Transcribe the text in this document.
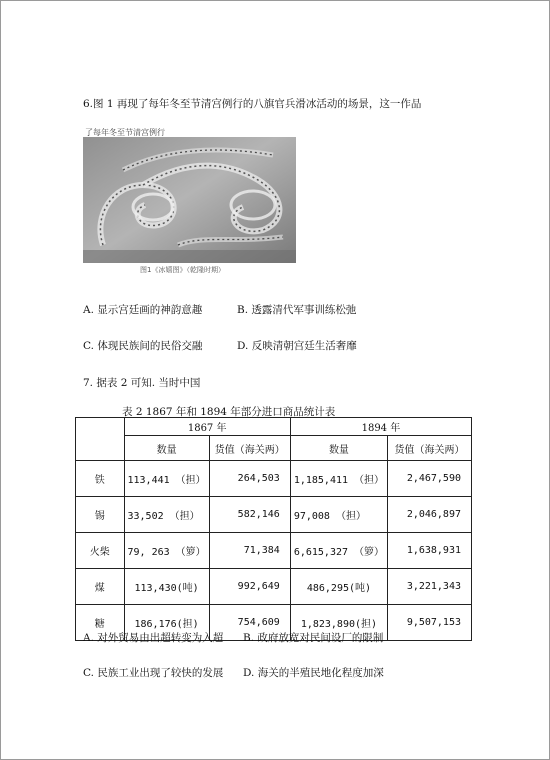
6.图 1 再现了每年冬至节清宫例行的八旗官兵滑冰活动的场景，这一作品
了每年冬至节清宫例行
图1《冰嬉图》（乾隆时期）
A. 显示宫廷画的神韵意趣	B. 透露清代军事训练松弛
C. 体现民族间的民俗交融	D. 反映清朝宫廷生活奢靡
7. 据表 2 可知. 当时中国
表 2 1867 年和 1894 年部分进口商品统计表
	1867 年		1894 年	
	数量	货值（海关两）	数量	货值（海关两）
铁	113,441 （担）	264,503	1,185,411 （担）	2,467,590
锡	33,502 （担）	582,146	97,008 （担）	2,046,897
火柴	79, 263 （箩）	71,384	6,615,327 （箩）	1,638,931
煤	113,430(吨)	992,649	486,295(吨)	3,221,343
糖	186,176(担)	754,609	1,823,890(担)	9,507,153
A. 对外贸易由出超转变为入超 B. 政府放宽对民间设厂的限制
C. 民族工业出现了较快的发展 D. 海关的半殖民地化程度加深
